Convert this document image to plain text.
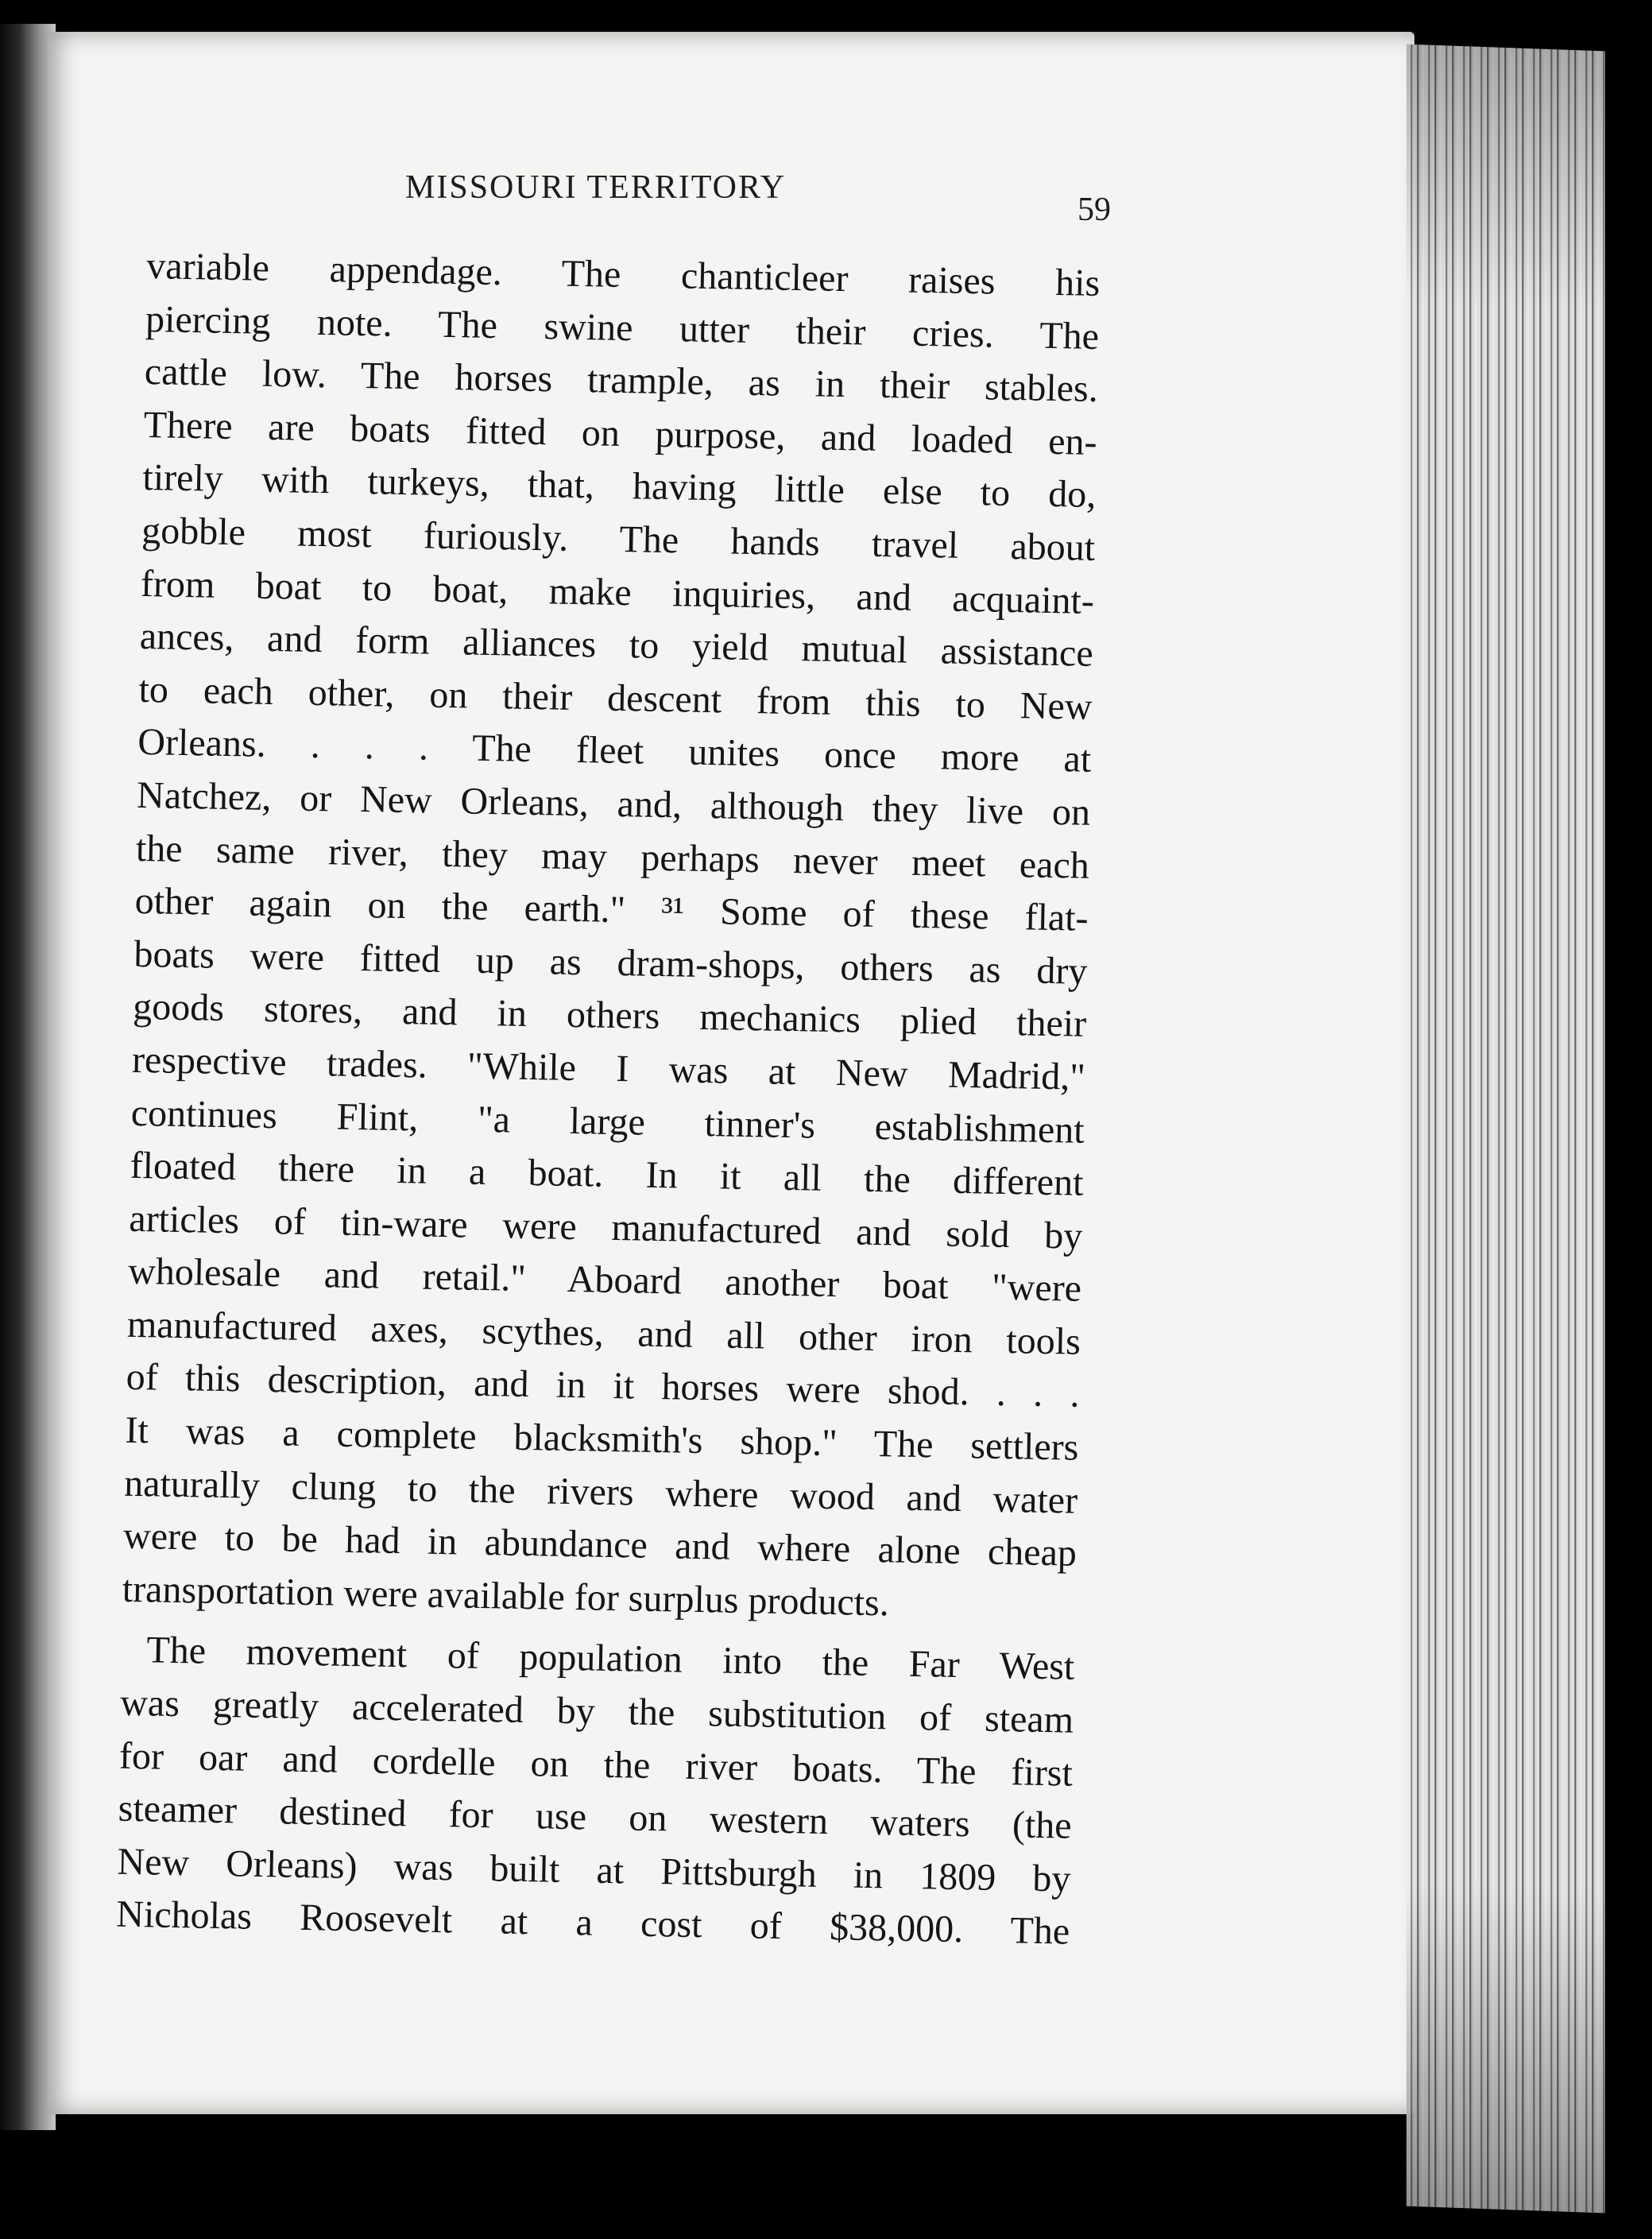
MISSOURI TERRITORY
59
variable appendage. The chanticleer raises his
piercing note. The swine utter their cries. The
cattle low. The horses trample, as in their stables.
There are boats fitted on purpose, and loaded en-
tirely with turkeys, that, having little else to do,
gobble most furiously. The hands travel about
from boat to boat, make inquiries, and acquaint-
ances, and form alliances to yield mutual assistance
to each other, on their descent from this to New
Orleans. . . . The fleet unites once more at
Natchez, or New Orleans, and, although they live on
the same river, they may perhaps never meet each
other again on the earth." ³¹ Some of these flat-
boats were fitted up as dram-shops, others as dry
goods stores, and in others mechanics plied their
respective trades. "While I was at New Madrid,"
continues Flint, "a large tinner's establishment
floated there in a boat. In it all the different
articles of tin-ware were manufactured and sold by
wholesale and retail." Aboard another boat "were
manufactured axes, scythes, and all other iron tools
of this description, and in it horses were shod. . . .
It was a complete blacksmith's shop." The settlers
naturally clung to the rivers where wood and water
were to be had in abundance and where alone cheap
transportation were available for surplus products.
The movement of population into the Far West
was greatly accelerated by the substitution of steam
for oar and cordelle on the river boats. The first
steamer destined for use on western waters (the
New Orleans) was built at Pittsburgh in 1809 by
Nicholas Roosevelt at a cost of $38,000. The
